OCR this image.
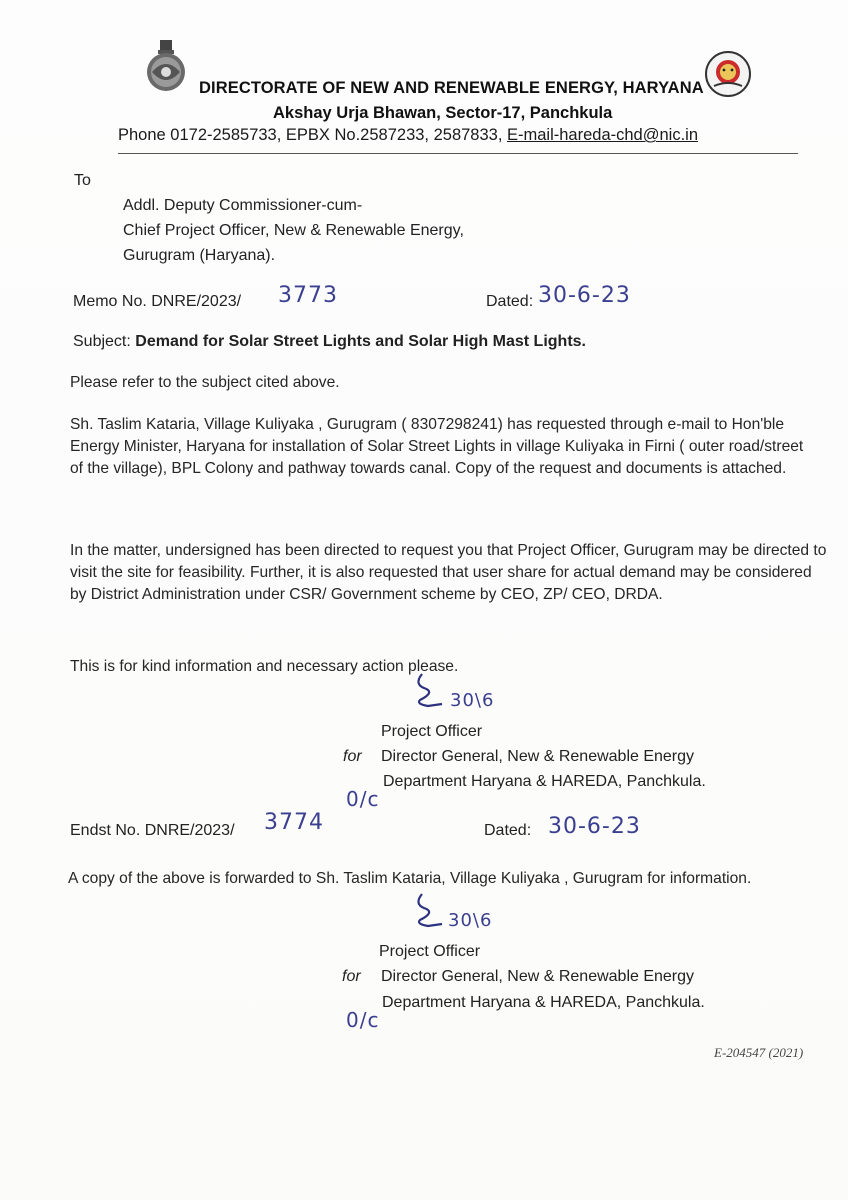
DIRECTORATE OF NEW AND RENEWABLE ENERGY, HARYANA
Akshay Urja Bhawan, Sector-17, Panchkula
Phone 0172-2585733, EPBX No.2587233, 2587833, E-mail-hareda-chd@nic.in
To
Addl. Deputy Commissioner-cum-
Chief Project Officer, New & Renewable Energy,
Gurugram (Haryana).
Memo No. DNRE/2023/ 3773	Dated: 30-6-23
Subject: Demand for Solar Street Lights and Solar High Mast Lights.
Please refer to the subject cited above.
Sh. Taslim Kataria, Village Kuliyaka , Gurugram ( 8307298241) has requested through e-mail to Hon'ble Energy Minister, Haryana for installation of Solar Street Lights in village Kuliyaka in Firni ( outer road/street of the village), BPL Colony and pathway towards canal. Copy of the request and documents is attached.
In the matter, undersigned has been directed to request you that Project Officer, Gurugram may be directed to visit the site for feasibility. Further, it is also requested that user share for actual demand may be considered by District Administration under CSR/ Government scheme by CEO, ZP/ CEO, DRDA.
This is for kind information and necessary action please.
30\6
Project Officer
for Director General, New & Renewable Energy
Department Haryana & HAREDA, Panchkula.
0/c
Endst No. DNRE/2023/ 3774	Dated: 30-6-23
A copy of the above is forwarded to Sh. Taslim Kataria, Village Kuliyaka , Gurugram for information.
30\6
Project Officer
for Director General, New & Renewable Energy
Department Haryana & HAREDA, Panchkula.
0/c
E-204547 (2021)
